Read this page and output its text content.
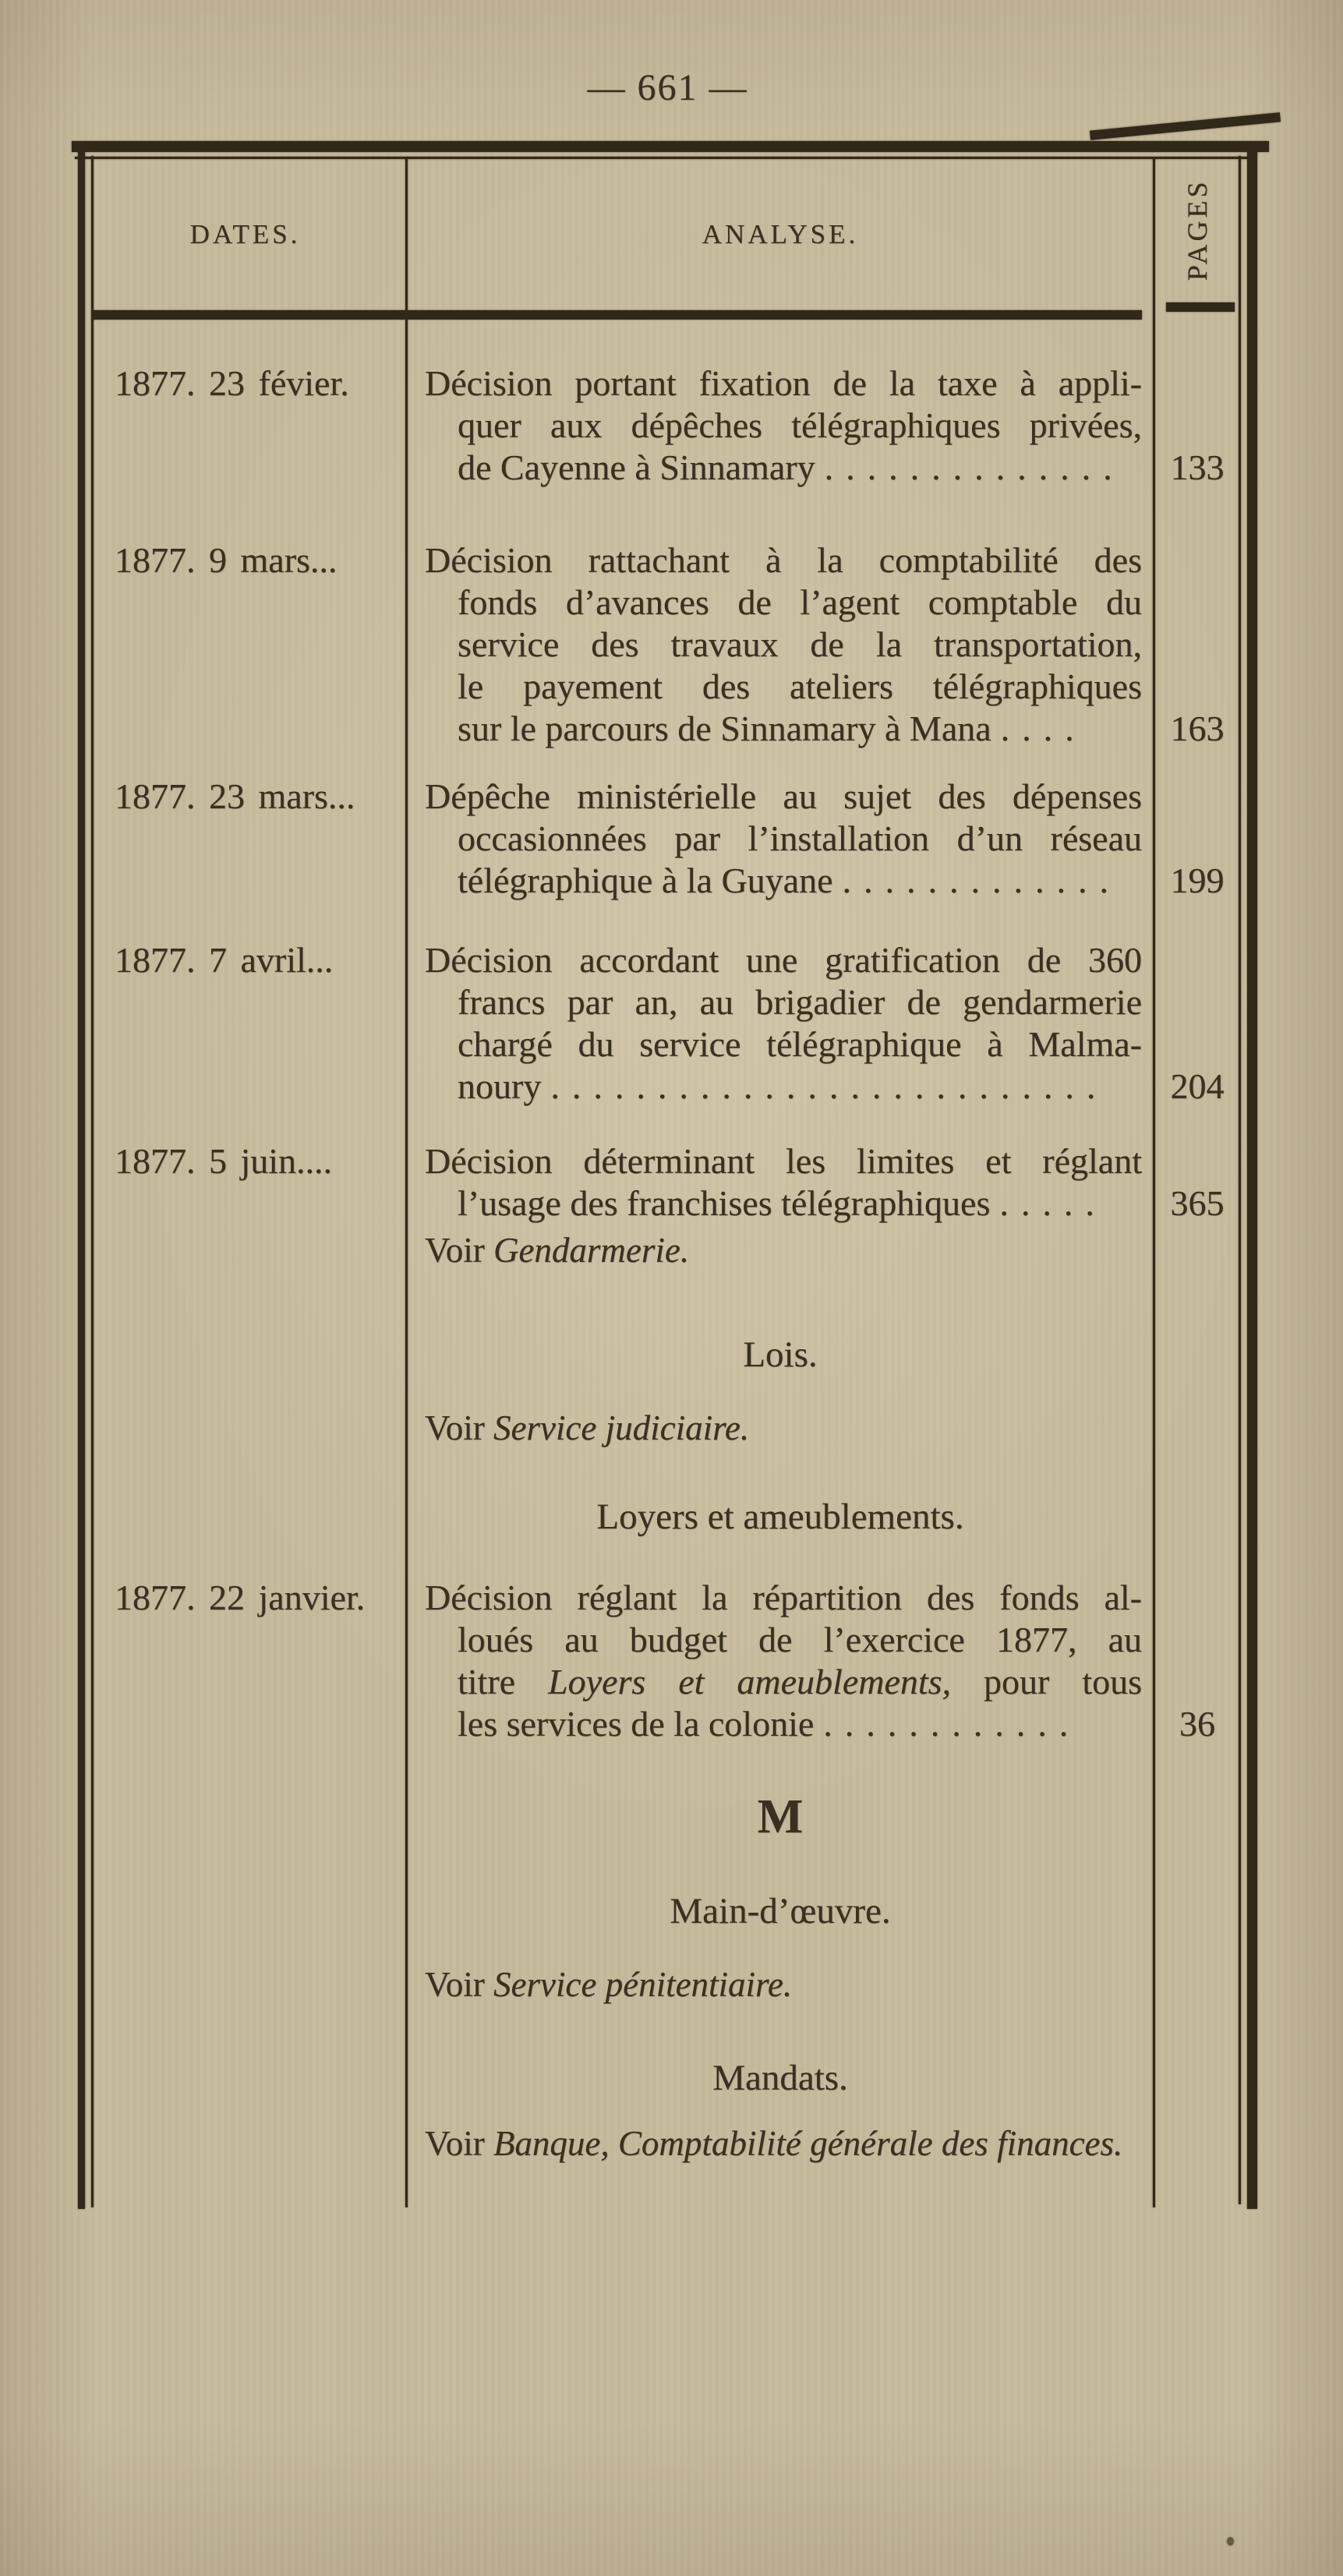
— 661 —
DATES.	ANALYSE.	PAGES
1877. 23 févier.	Décision portant fixation de la taxe à appli-
quer aux dépêches télégraphiques privées,
de Cayenne à Sinnamary ..............	133
1877. 9 mars...	Décision rattachant à la comptabilité des
fonds d’avances de l’agent comptable du
service des travaux de la transportation,
le payement des ateliers télégraphiques
sur le parcours de Sinnamary à Mana ....	163
1877. 23 mars...	Dépêche ministérielle au sujet des dépenses
occasionnées par l’installation d’un réseau
télégraphique à la Guyane .............	199
1877. 7 avril...	Décision accordant une gratification de 360
francs par an, au brigadier de gendarmerie
chargé du service télégraphique à Malma-
noury ..........................	204
1877. 5 juin....	Décision déterminant les limites et réglant
l’usage des franchises télégraphiques .....	365
Voir Gendarmerie.
Lois.
Voir Service judiciaire.
Loyers et ameublements.
1877. 22 janvier.	Décision réglant la répartition des fonds al-
loués au budget de l’exercice 1877, au
titre Loyers et ameublements, pour tous
les services de la colonie ............	36
M
Main-d’œuvre.
Voir Service pénitentiaire.
Mandats.
Voir Banque, Comptabilité générale des finances.
